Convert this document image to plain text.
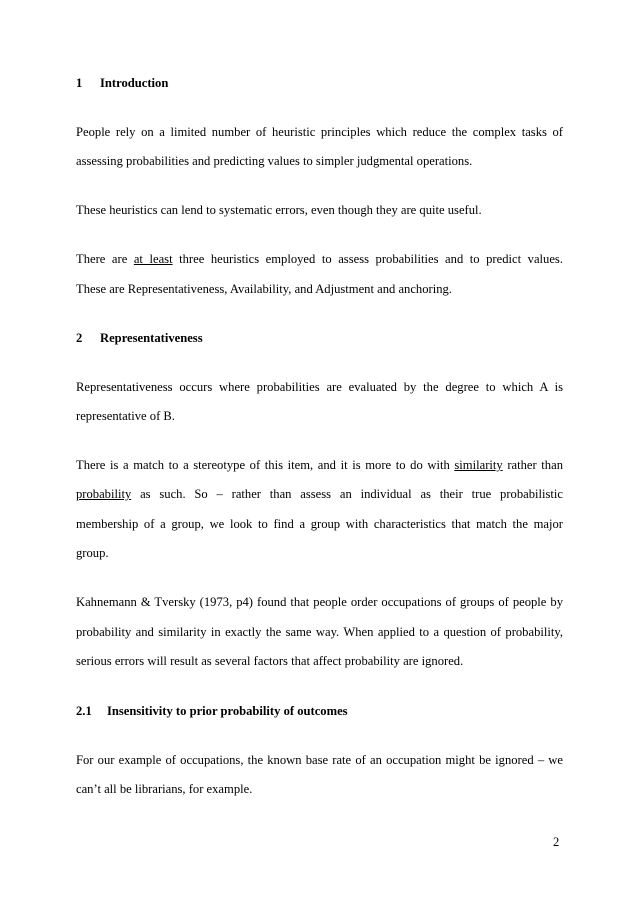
1 Introduction
People rely on a limited number of heuristic principles which reduce the complex tasks of
assessing probabilities and predicting values to simpler judgmental operations.
These heuristics can lend to systematic errors, even though they are quite useful.
There are at least three heuristics employed to assess probabilities and to predict values.
These are Representativeness, Availability, and Adjustment and anchoring.
2 Representativeness
Representativeness occurs where probabilities are evaluated by the degree to which A is
representative of B.
There is a match to a stereotype of this item, and it is more to do with similarity rather than
probability as such. So – rather than assess an individual as their true probabilistic
membership of a group, we look to find a group with characteristics that match the major
group.
Kahnemann & Tversky (1973, p4) found that people order occupations of groups of people by
probability and similarity in exactly the same way. When applied to a question of probability,
serious errors will result as several factors that affect probability are ignored.
2.1 Insensitivity to prior probability of outcomes
For our example of occupations, the known base rate of an occupation might be ignored – we
can’t all be librarians, for example.
2
